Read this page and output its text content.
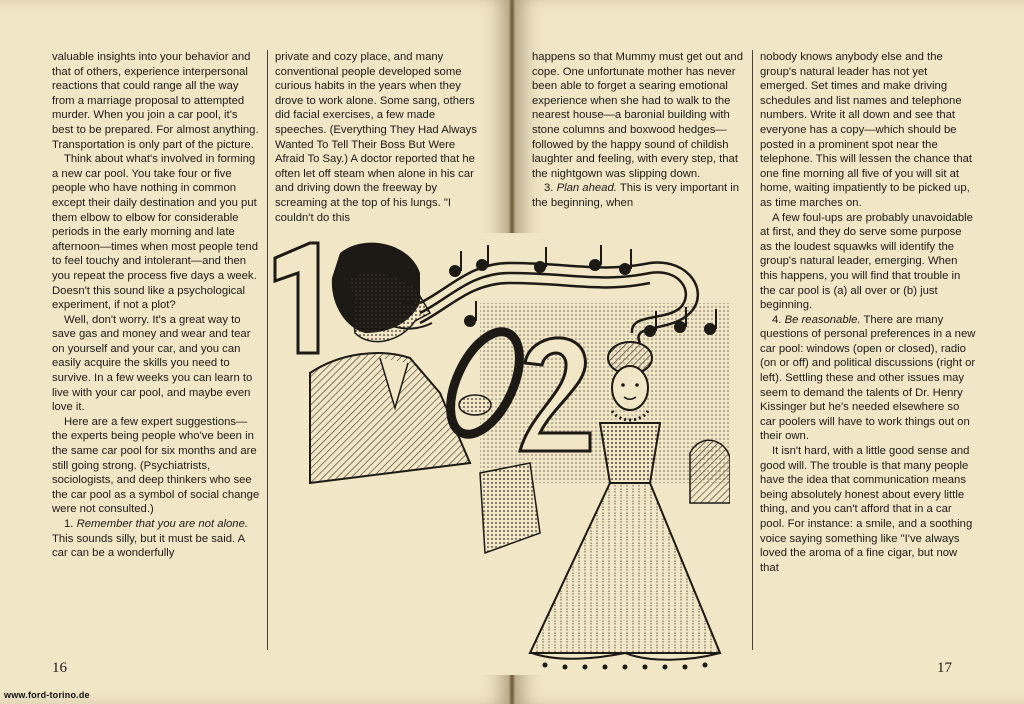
valuable insights into your behavior and that of others, experience interpersonal reactions that could range all the way from a marriage proposal to attempted murder. When you join a car pool, it's best to be prepared. For almost anything. Transportation is only part of the picture.

Think about what's involved in forming a new car pool. You take four or five people who have nothing in common except their daily destination and you put them elbow to elbow for considerable periods in the early morning and late afternoon—times when most people tend to feel touchy and intolerant—and then you repeat the process five days a week. Doesn't this sound like a psychological experiment, if not a plot?

Well, don't worry. It's a great way to save gas and money and wear and tear on yourself and your car, and you can easily acquire the skills you need to survive. In a few weeks you can learn to live with your car pool, and maybe even love it.

Here are a few expert suggestions—the experts being people who've been in the same car pool for six months and are still going strong. (Psychiatrists, sociologists, and deep thinkers who see the car pool as a symbol of social change were not consulted.)

1. Remember that you are not alone. This sounds silly, but it must be said. A car can be a wonderfully

private and cozy place, and many conventional people developed some curious habits in the years when they drove to work alone. Some sang, others did facial exercises, a few made speeches. (Everything They Had Always Wanted To Tell Their Boss But Were Afraid To Say.) A doctor reported that he often let off steam when alone in his car and driving down the freeway by screaming at the top of his lungs. "I couldn't do this

16
www.ford-torino.de

happens so that Mummy must get out and cope. One unfortunate mother has never been able to forget a searing emotional experience when she had to walk to the nearest house—a baronial building with stone columns and boxwood hedges—followed by the happy sound of childish laughter and feeling, with every step, that the nightgown was slipping down.

3. Plan ahead. This is very important in the beginning, when

nobody knows anybody else and the group's natural leader has not yet emerged. Set times and make driving schedules and list names and telephone numbers. Write it all down and see that everyone has a copy—which should be posted in a prominent spot near the telephone. This will lessen the chance that one fine morning all five of you will sit at home, waiting impatiently to be picked up, as time marches on.

A few foul-ups are probably unavoidable at first, and they do serve some purpose as the loudest squawks will identify the group's natural leader, emerging. When this happens, you will find that trouble in the car pool is (a) all over or (b) just beginning.

4. Be reasonable. There are many questions of personal preferences in a new car pool: windows (open or closed), radio (on or off) and political discussions (right or left). Settling these and other issues may seem to demand the talents of Dr. Henry Kissinger but he's needed elsewhere so car poolers will have to work things out on their own.

It isn't hard, with a little good sense and good will. The trouble is that many people have the idea that communication means being absolutely honest about every little thing, and you can't afford that in a car pool. For instance: a smile, and a soothing voice saying something like "I've always loved the aroma of a fine cigar, but now that

17
